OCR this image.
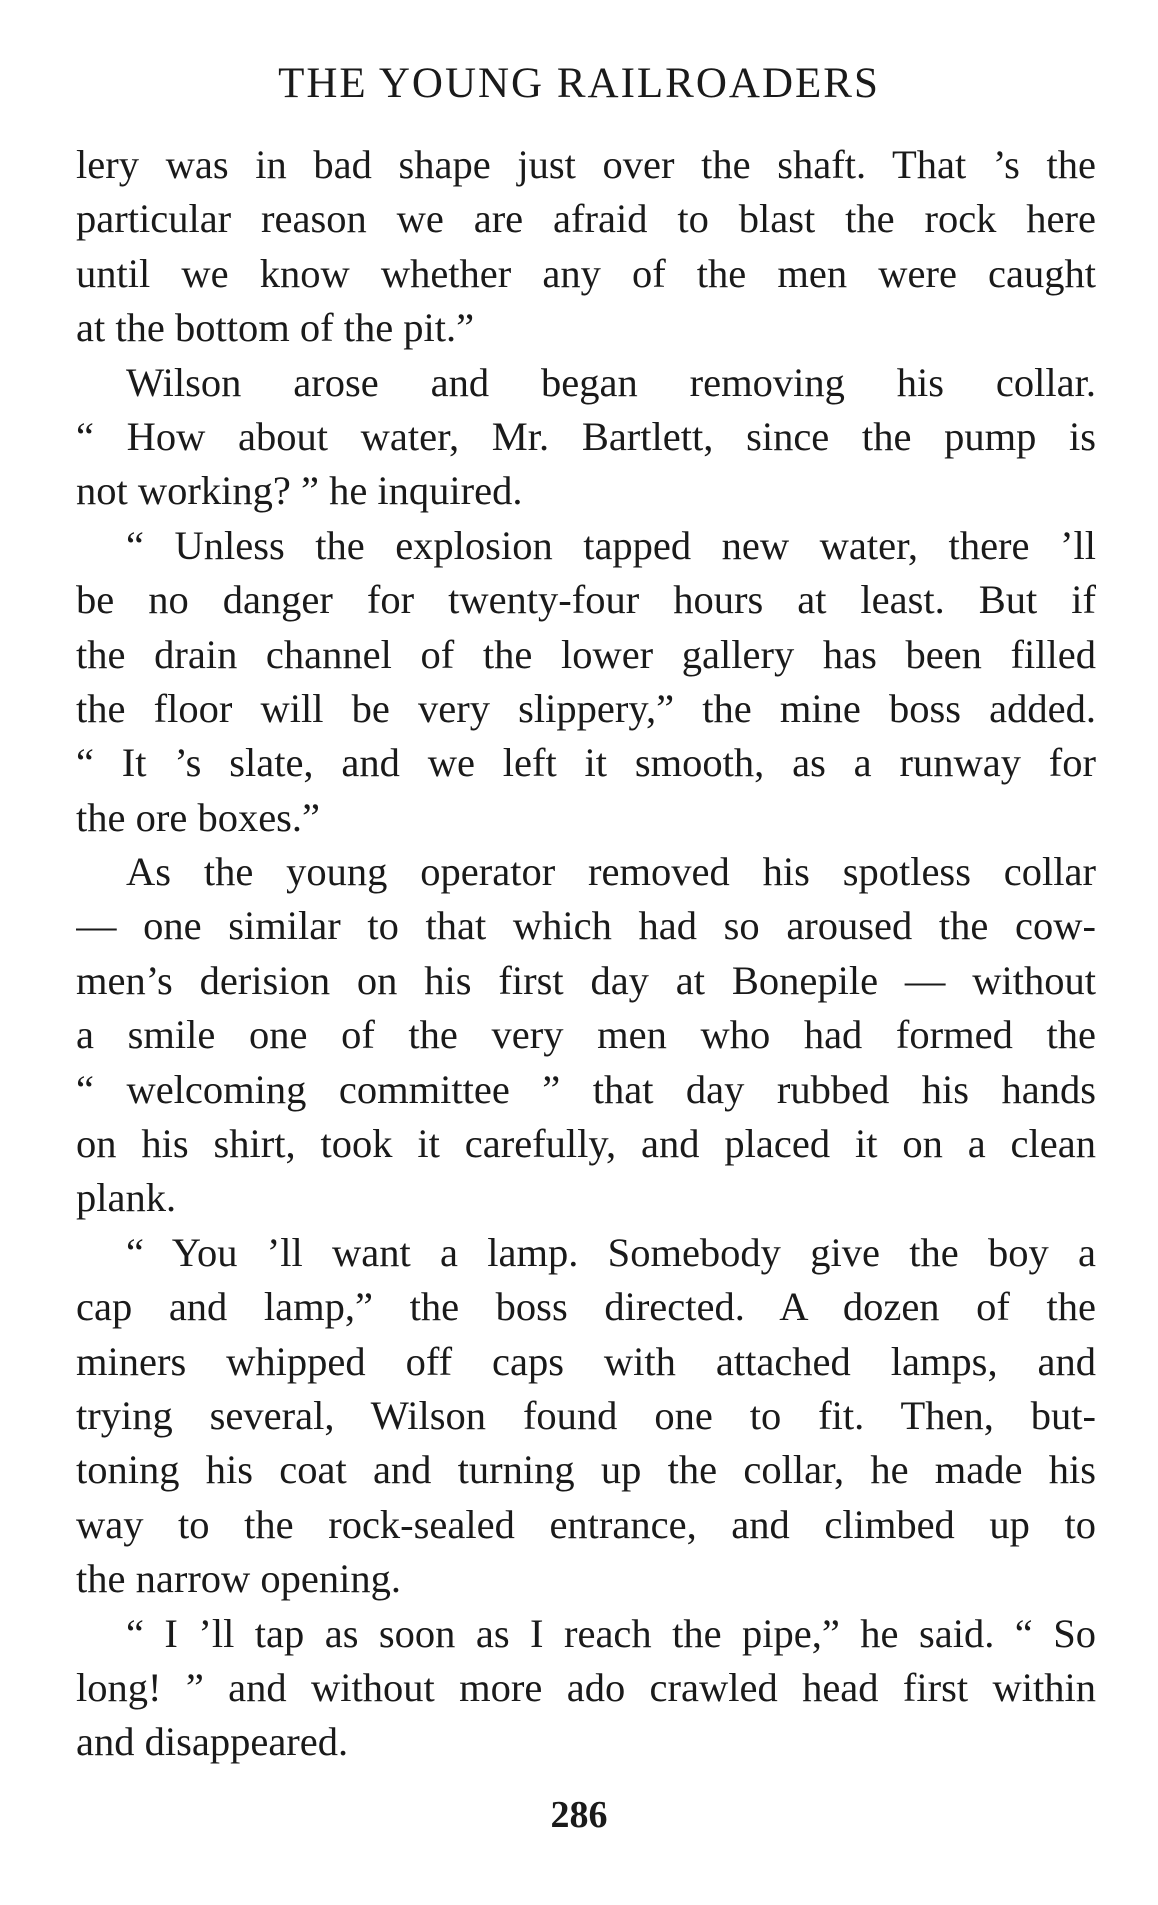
THE YOUNG RAILROADERS
lery was in bad shape just over the shaft. That ’s the
particular reason we are afraid to blast the rock here
until we know whether any of the men were caught
at the bottom of the pit.”
Wilson arose and began removing his collar.
“ How about water, Mr. Bartlett, since the pump is
not working? ” he inquired.
“ Unless the explosion tapped new water, there ’ll
be no danger for twenty-four hours at least. But if
the drain channel of the lower gallery has been filled
the floor will be very slippery,” the mine boss added.
“ It ’s slate, and we left it smooth, as a runway for
the ore boxes.”
As the young operator removed his spotless collar
— one similar to that which had so aroused the cow-
men’s derision on his first day at Bonepile — without
a smile one of the very men who had formed the
“ welcoming committee ” that day rubbed his hands
on his shirt, took it carefully, and placed it on a clean
plank.
“ You ’ll want a lamp. Somebody give the boy a
cap and lamp,” the boss directed. A dozen of the
miners whipped off caps with attached lamps, and
trying several, Wilson found one to fit. Then, but-
toning his coat and turning up the collar, he made his
way to the rock-sealed entrance, and climbed up to
the narrow opening.
“ I ’ll tap as soon as I reach the pipe,” he said. “ So
long! ” and without more ado crawled head first within
and disappeared.
286
